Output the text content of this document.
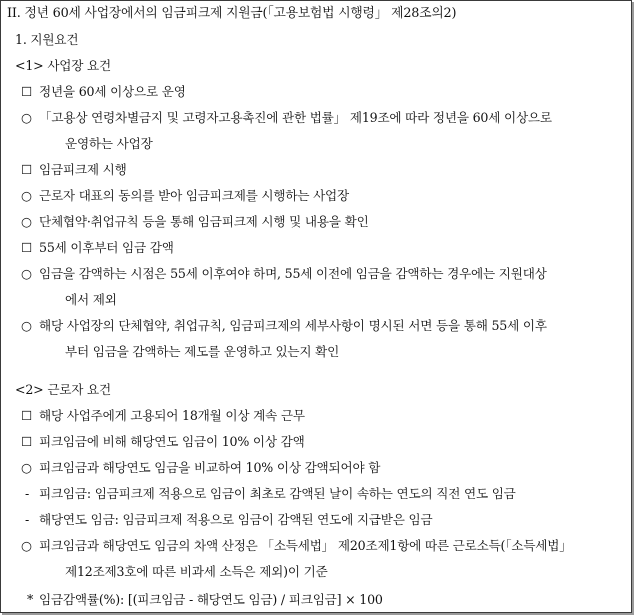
II. 정년 60세 사업장에서의 임금피크제 지원금(「고용보험법 시행령」 제28조의2)
1. 지원요건
<1> 사업장 요건
☐ 정년을 60세 이상으로 운영
○ 「고용상 연령차별금지 및 고령자고용촉진에 관한 법률」 제19조에 따라 정년을 60세 이상으로
운영하는 사업장
☐ 임금피크제 시행
○ 근로자 대표의 동의를 받아 임금피크제를 시행하는 사업장
○ 단체협약·취업규칙 등을 통해 임금피크제 시행 및 내용을 확인
☐ 55세 이후부터 임금 감액
○ 임금을 감액하는 시점은 55세 이후여야 하며, 55세 이전에 임금을 감액하는 경우에는 지원대상
에서 제외
○ 해당 사업장의 단체협약, 취업규칙, 임금피크제의 세부사항이 명시된 서면 등을 통해 55세 이후
부터 임금을 감액하는 제도를 운영하고 있는지 확인
<2> 근로자 요건
☐ 해당 사업주에게 고용되어 18개월 이상 계속 근무
☐ 피크임금에 비해 해당연도 임금이 10% 이상 감액
○ 피크임금과 해당연도 임금을 비교하여 10% 이상 감액되어야 함
- 피크임금: 임금피크제 적용으로 임금이 최초로 감액된 날이 속하는 연도의 직전 연도 임금
- 해당연도 임금: 임금피크제 적용으로 임금이 감액된 연도에 지급받은 임금
○ 피크임금과 해당연도 임금의 차액 산정은 「소득세법」 제20조제1항에 따른 근로소득(「소득세법」
제12조제3호에 따른 비과세 소득은 제외)이 기준
* 임금감액률(%): [(피크임금 - 해당연도 임금) / 피크임금] × 100
